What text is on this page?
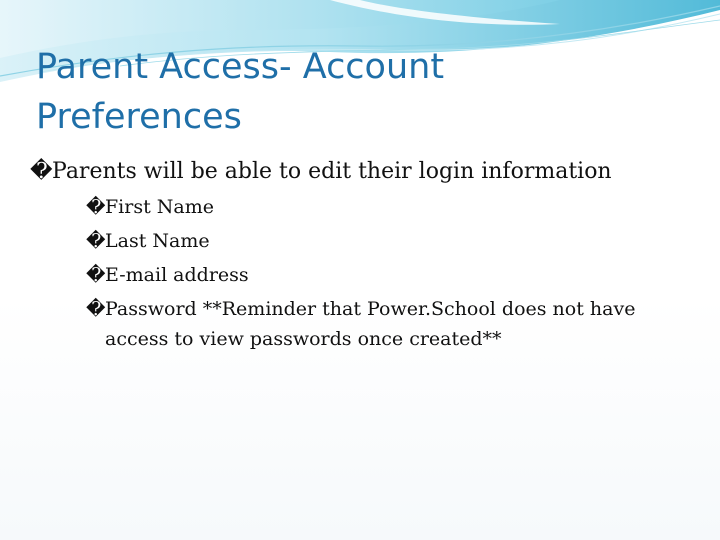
Parent Access- Account Preferences
� Parents will be able to edit their login information
� First Name
� Last Name
� E-mail address
� Password **Reminder that Power.School does not have access to view passwords once created**
